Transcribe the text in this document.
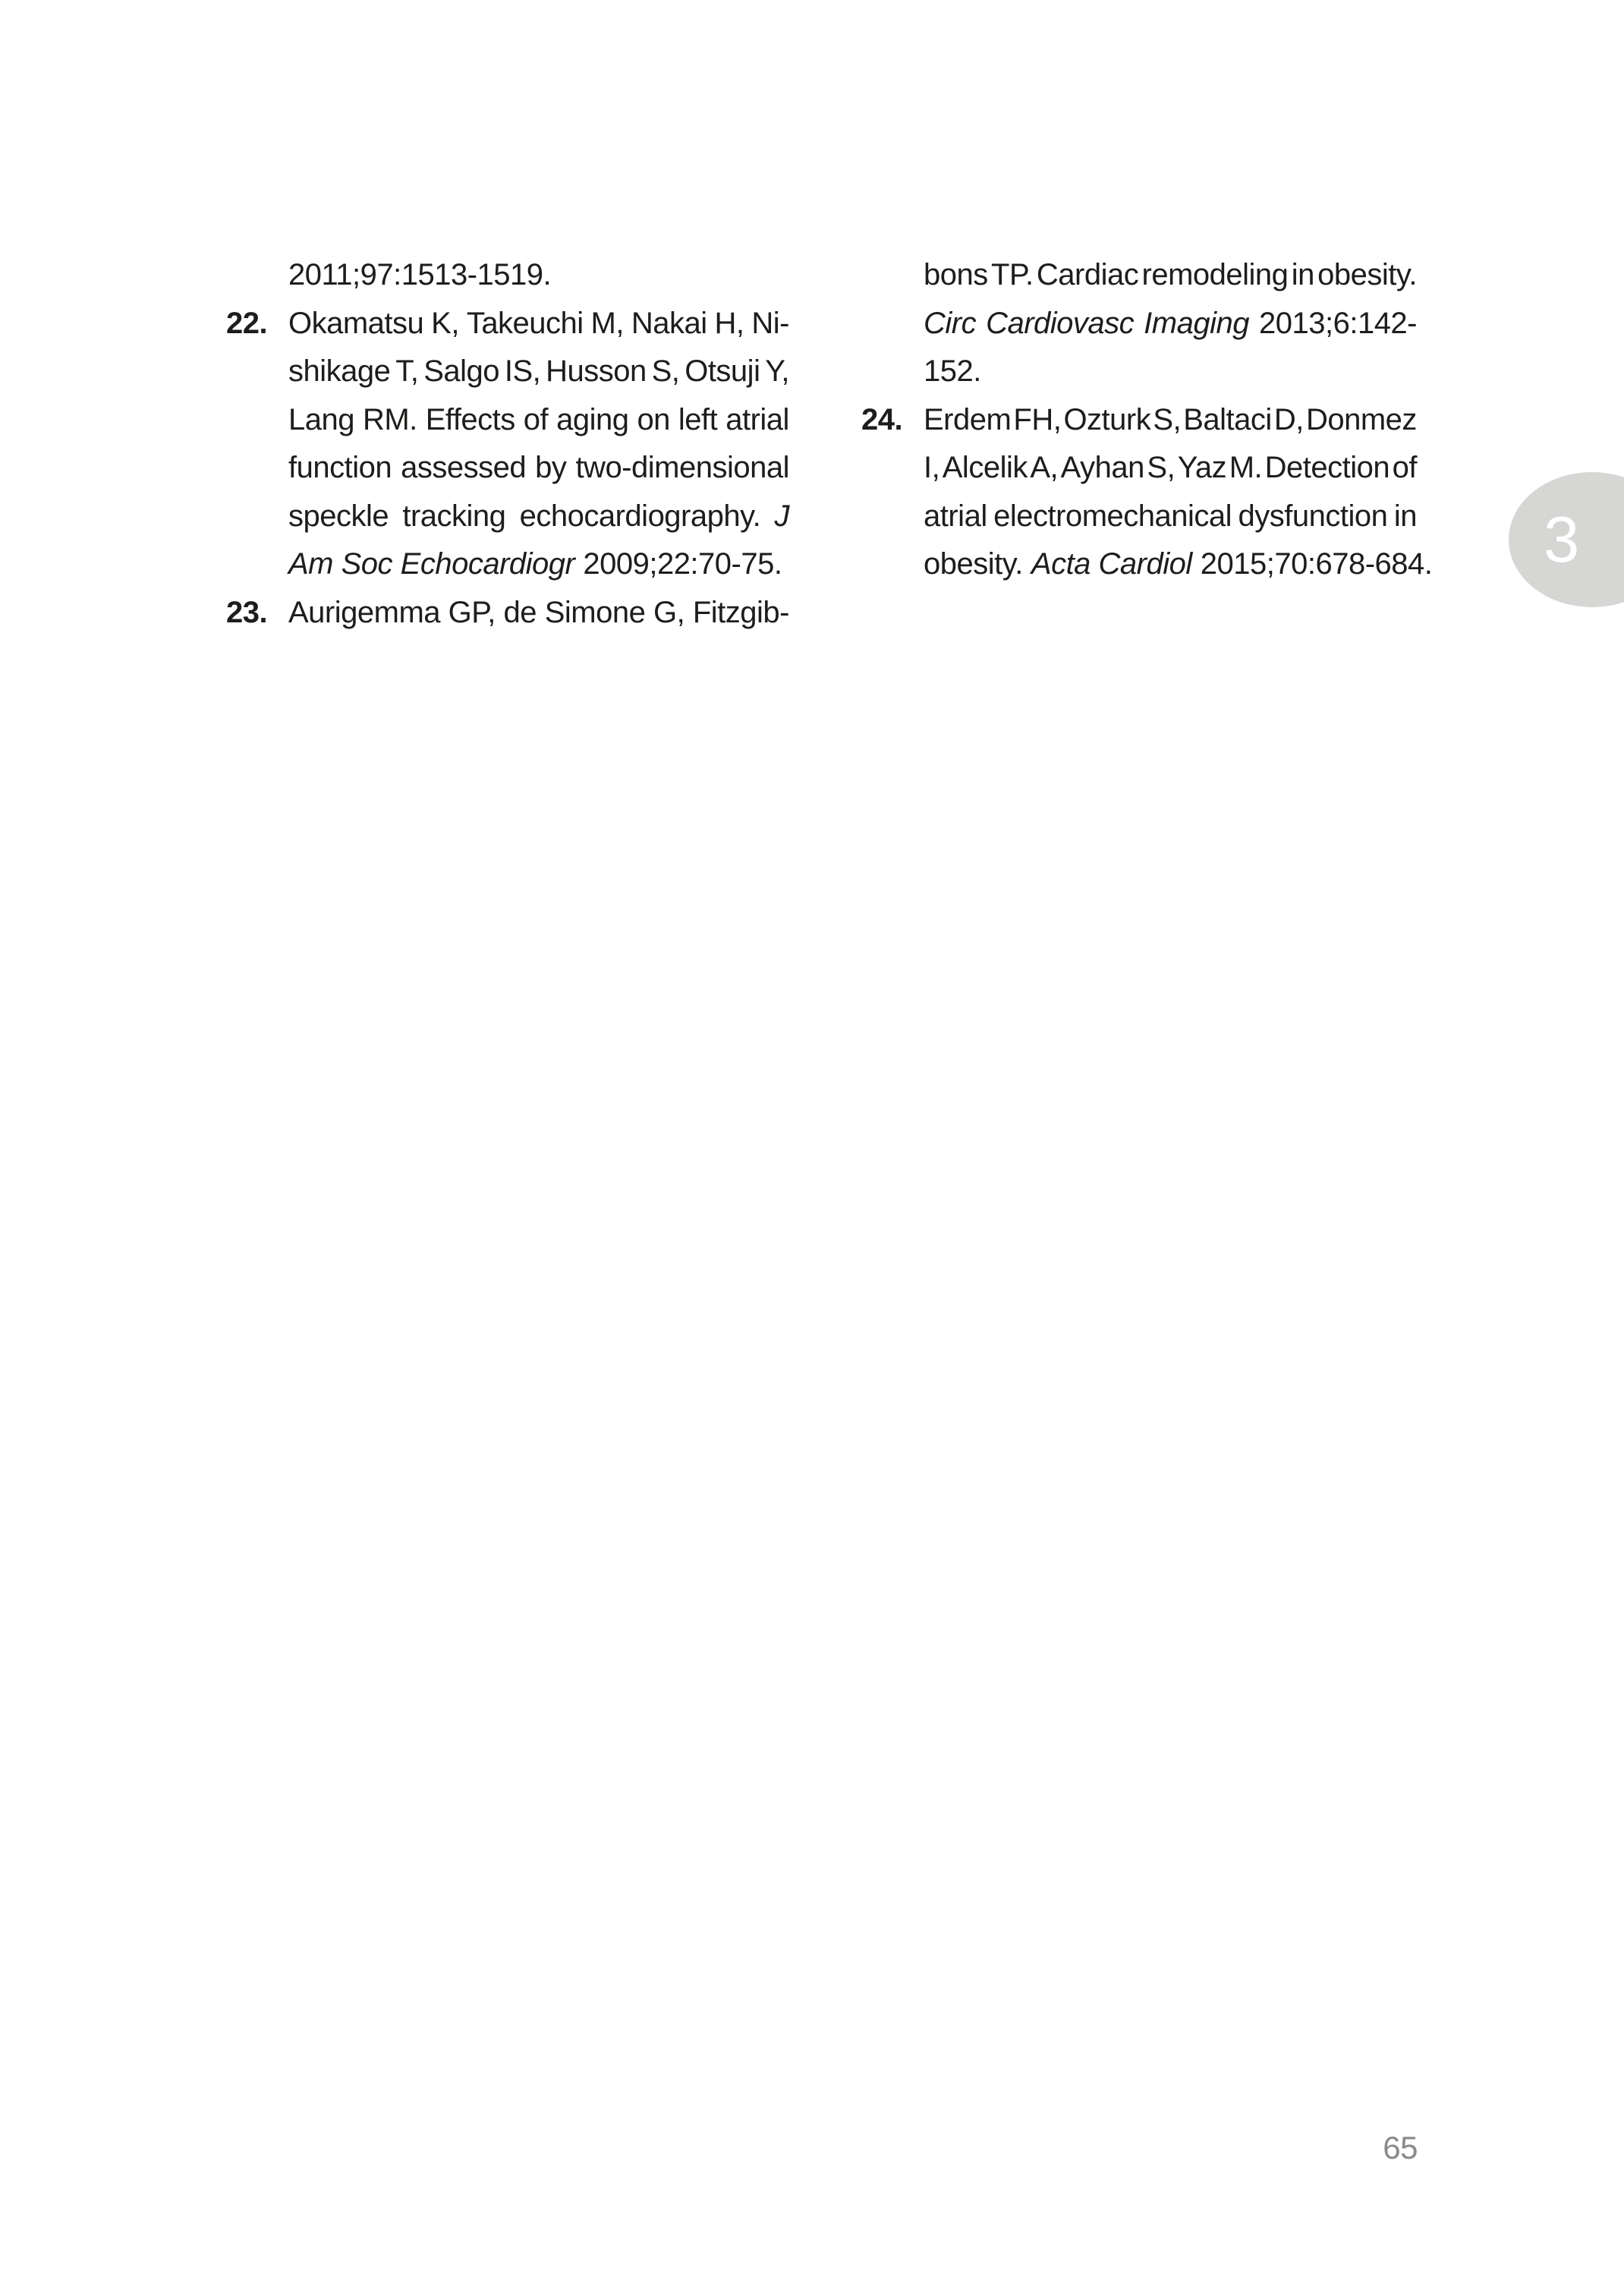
2011;97:1513-1519.
22. Okamatsu K, Takeuchi M, Nakai H, Ni-
shikage T, Salgo IS, Husson S, Otsuji Y,
Lang RM. Effects of aging on left atrial
function assessed by two-dimensional
speckle tracking echocardiography. J
Am Soc Echocardiogr 2009;22:70-75.
23. Aurigemma GP, de Simone G, Fitzgib-
bons TP. Cardiac remodeling in obesity.
Circ Cardiovasc Imaging 2013;6:142-
152.
24. Erdem FH, Ozturk S, Baltaci D, Donmez
I, Alcelik A, Ayhan S, Yaz M. Detection of
atrial electromechanical dysfunction in
obesity. Acta Cardiol 2015;70:678-684.	3
65
